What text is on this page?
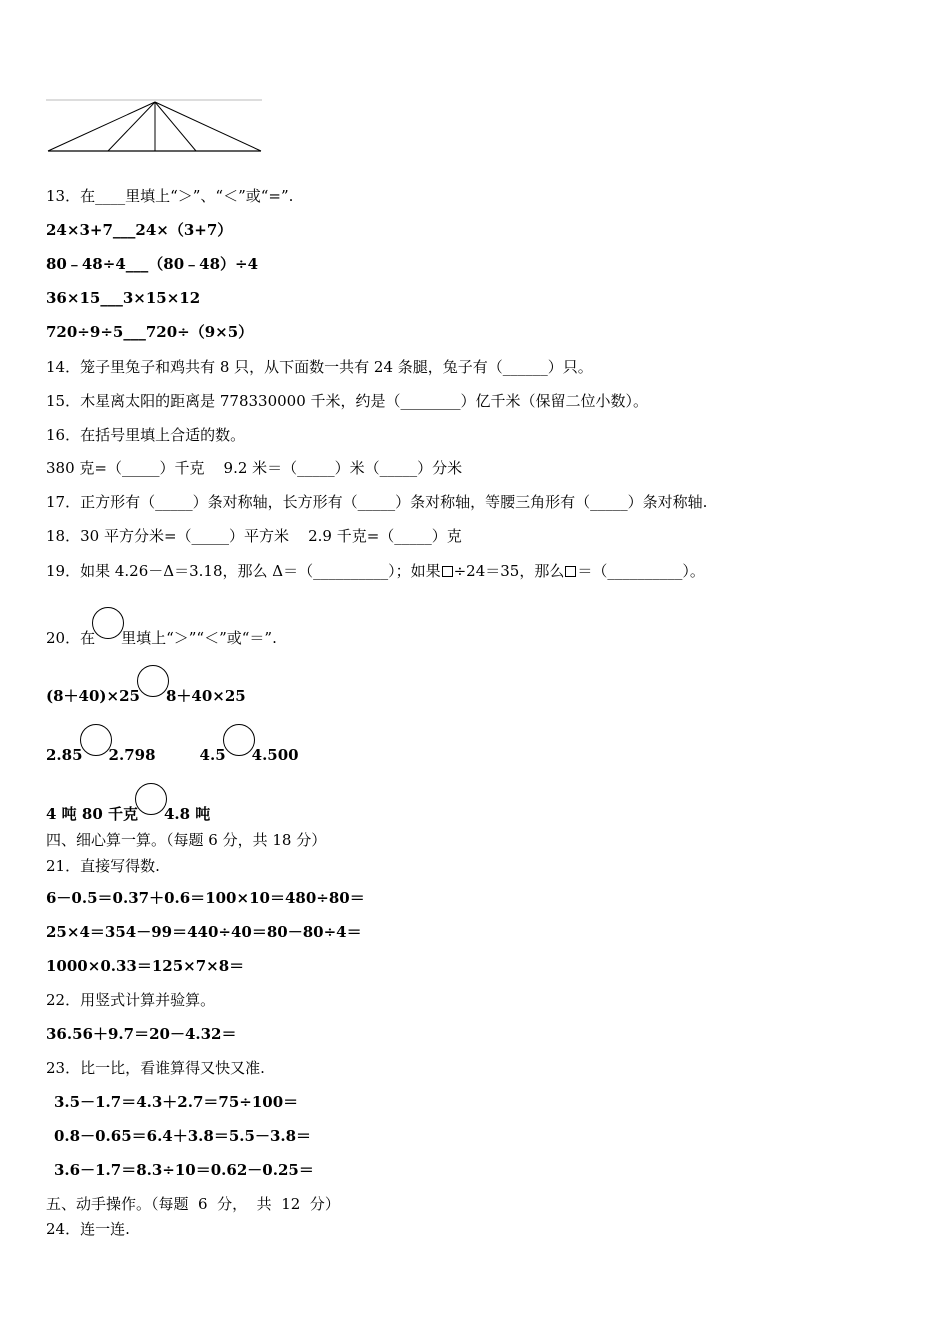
13．在____里填上“＞”、“＜”或“=”.
24×3+7___24×（3+7）
80﹣48÷4___（80﹣48）÷4
36×15___3×15×12
720÷9÷5___720÷（9×5）
14．笼子里兔子和鸡共有 8 只，从下面数一共有 24 条腿，兔子有（______）只。
15．木星离太阳的距离是 778330000 千米，约是（________）亿千米（保留二位小数）。
16．在括号里填上合适的数。
380 克=（_____）千克    9.2 米＝（_____）米（_____）分米
17．正方形有（_____）条对称轴，长方形有（_____）条对称轴，等腰三角形有（_____）条对称轴.
18．30 平方分米=（_____）平方米    2.9 千克=（_____）克
19．如果 4.26－Δ＝3.18，那么 Δ＝（__________）；如果 ÷24＝35，那么 ＝（__________）。
20．在 里填上“＞”“＜”或“＝”.
(8＋40)×25 8＋40×25
2.85 2.798	4.5 4.500
4 吨 80 千克 4.8 吨
四、细心算一算。（每题 6 分，共 18 分）
21．直接写得数.
6－0.5＝0.37＋0.6＝100×10＝480÷80＝
25×4＝354－99＝440÷40＝80－80÷4＝
1000×0.33＝125×7×8＝
22．用竖式计算并验算。
36.56＋9.7＝20－4.32＝
23．比一比，看谁算得又快又准.
3.5－1.7＝4.3＋2.7＝75÷100＝
0.8－0.65＝6.4＋3.8＝5.5－3.8＝
3.6－1.7＝8.3÷10＝0.62－0.25＝
五、动手操作。（每题  6  分，  共  12  分）
24．连一连.
